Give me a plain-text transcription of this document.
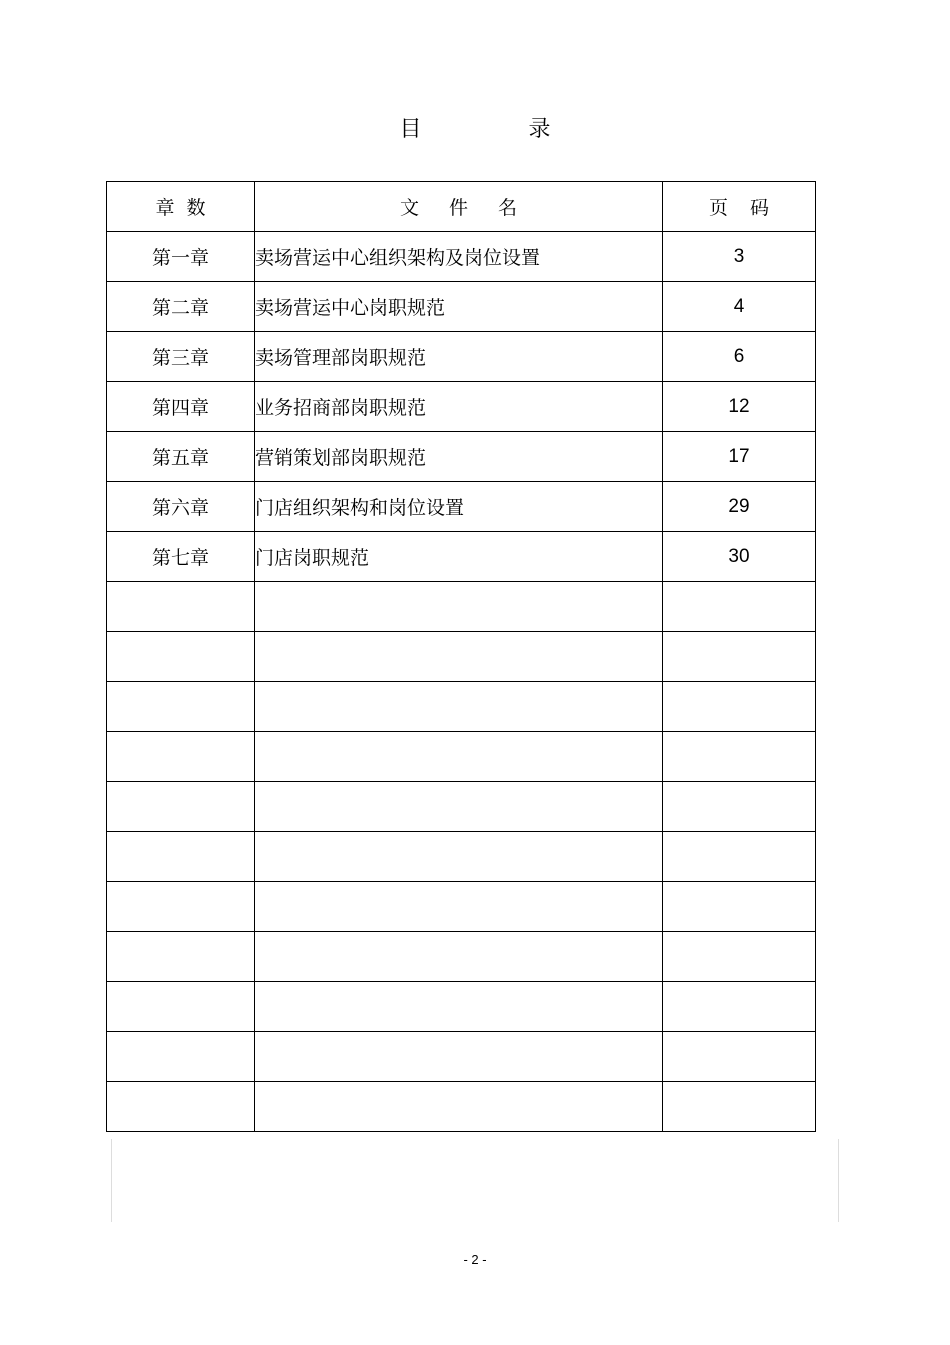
目 录
章数	文件名	页码
第一章	卖场营运中心组织架构及岗位设置	3
第二章	卖场营运中心岗职规范	4
第三章	卖场管理部岗职规范	6
第四章	业务招商部岗职规范	12
第五章	营销策划部岗职规范	17
第六章	门店组织架构和岗位设置	29
第七章	门店岗职规范	30

- 2 -
